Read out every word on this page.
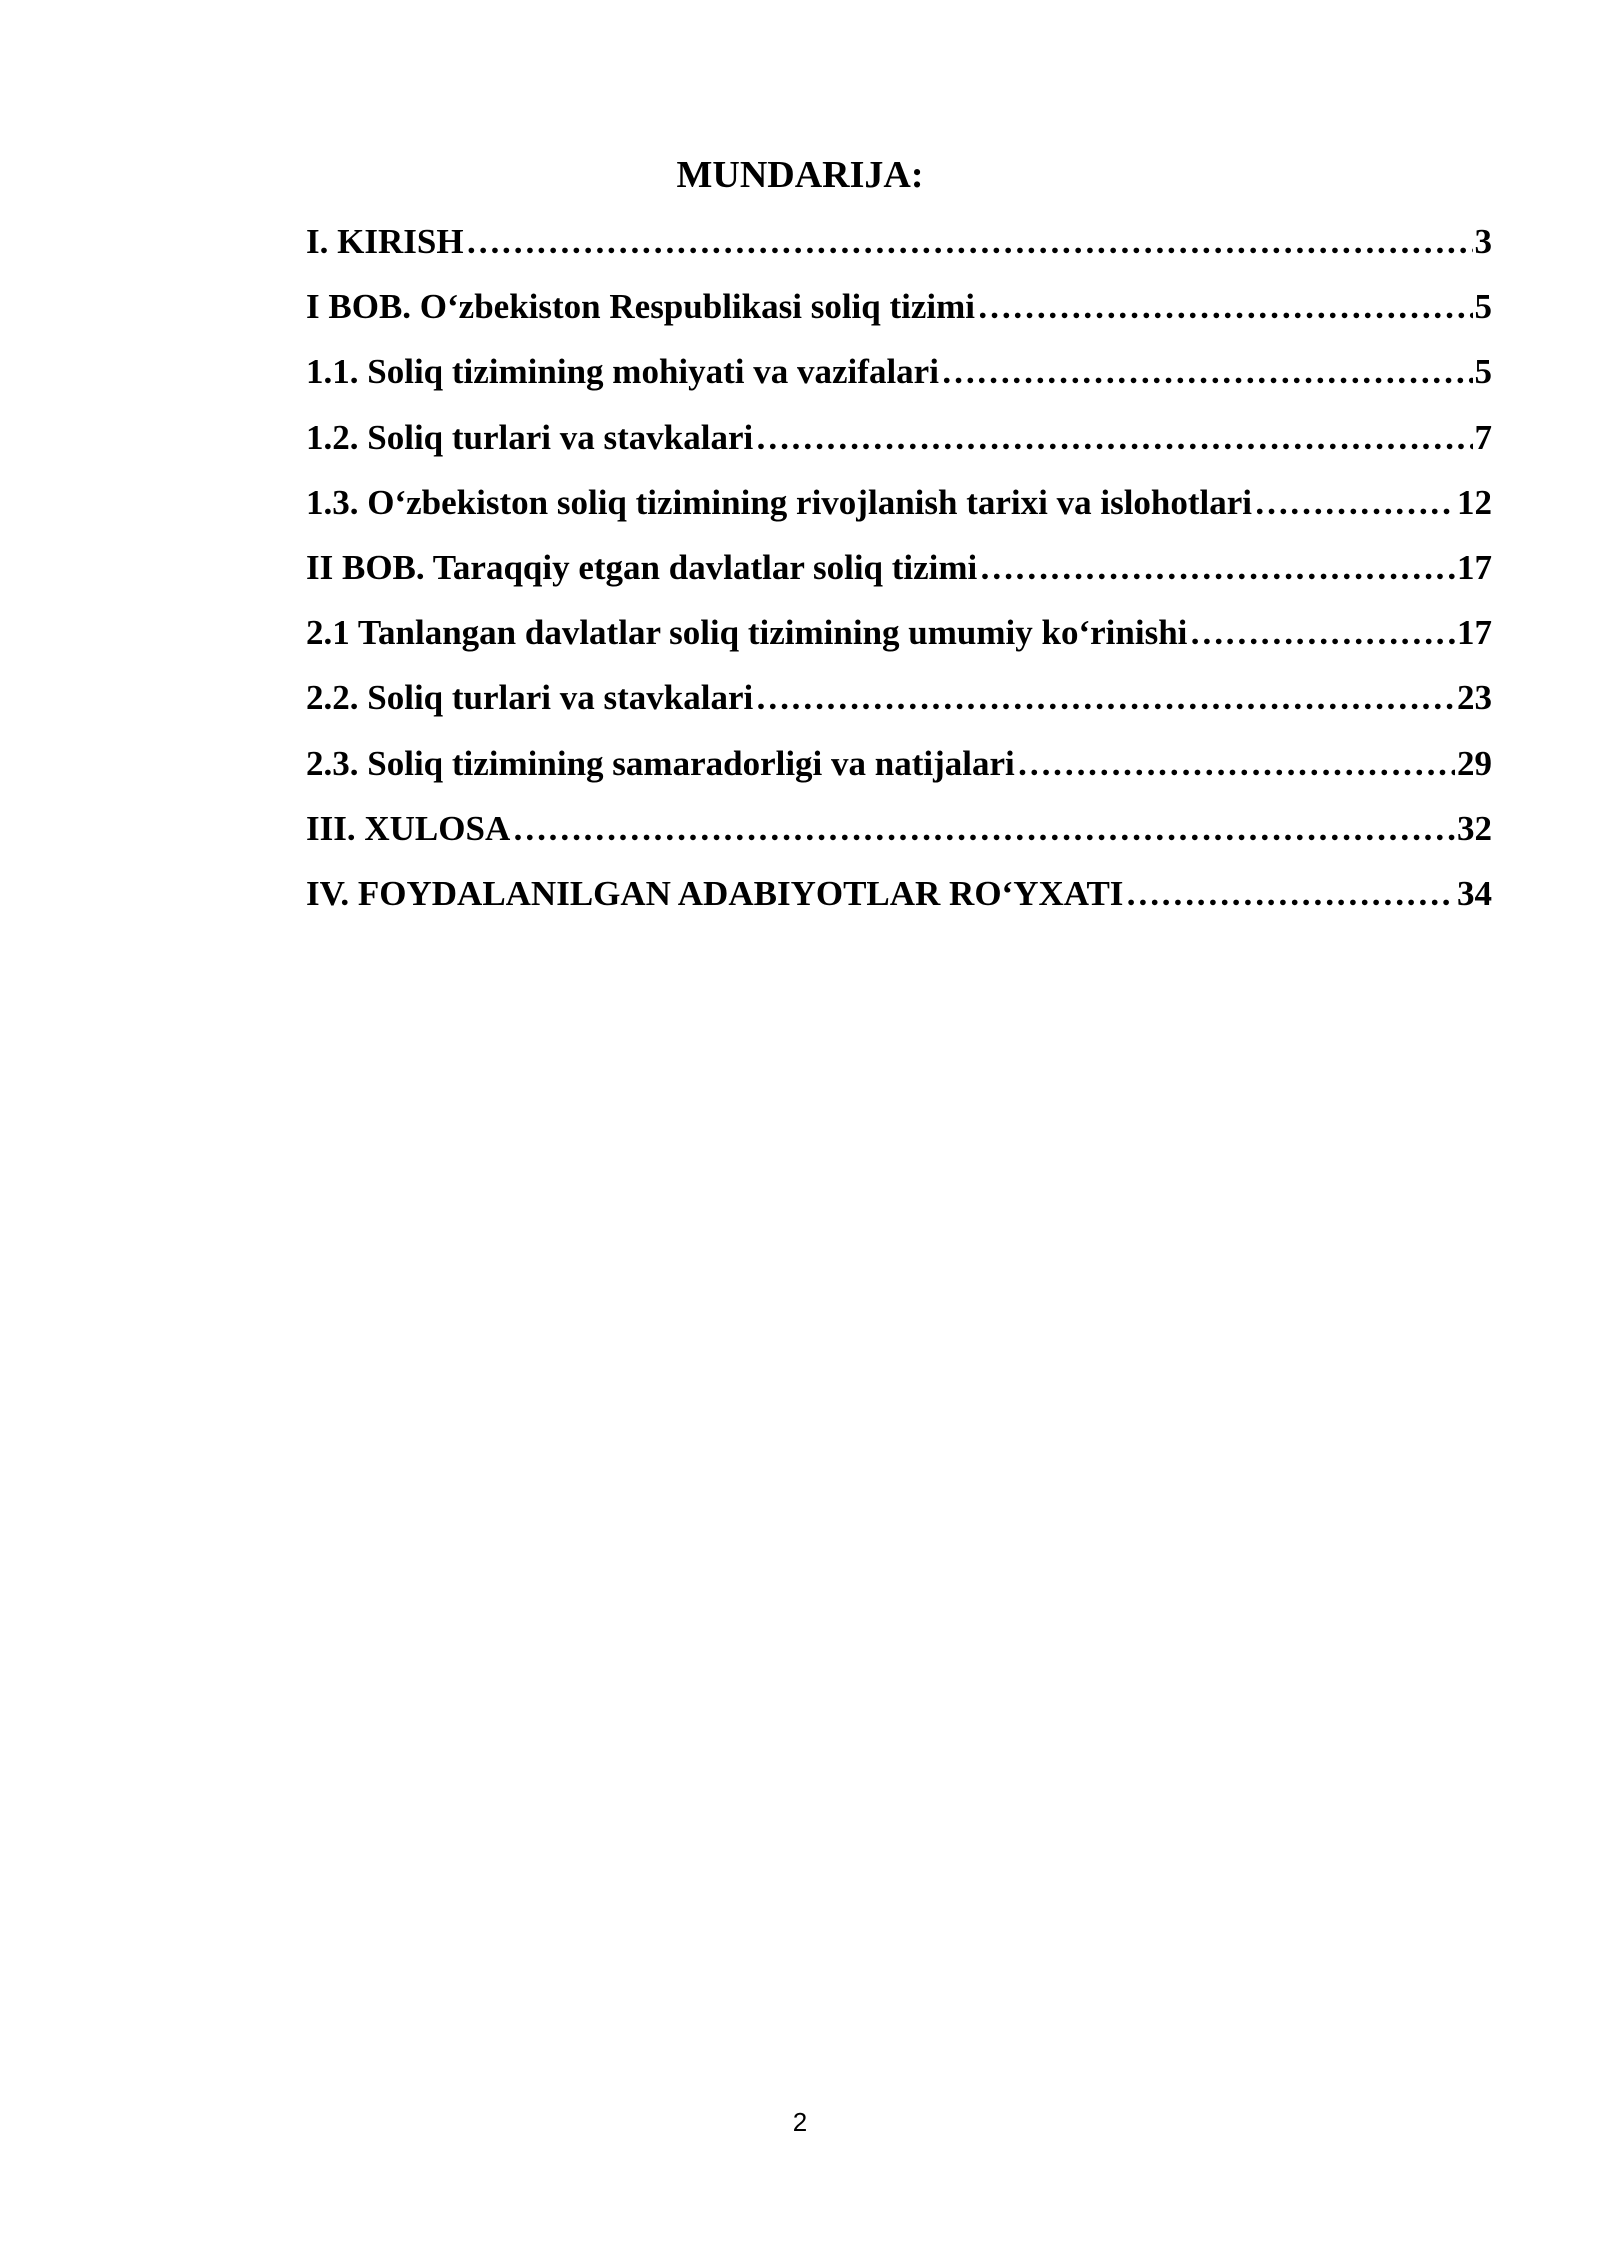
MUNDARIJA:
I. KIRISH …………………………………………………………………………………………………………………………………………………………………………	3
I BOB. O‘zbekiston Respublikasi soliq tizimi …………………………………………………………………………………………………………………………………………………………………………	5
1.1. Soliq tizimining mohiyati va vazifalari …………………………………………………………………………………………………………………………………………………………………………	5
1.2. Soliq turlari va stavkalari …………………………………………………………………………………………………………………………………………………………………………	7
1.3. O‘zbekiston soliq tizimining rivojlanish tarixi va islohotlari …………………………………………………………………………………………………………………………………………………………………………	12
II BOB. Taraqqiy etgan davlatlar soliq tizimi …………………………………………………………………………………………………………………………………………………………………………	17
2.1 Tanlangan davlatlar soliq tizimining umumiy ko‘rinishi …………………………………………………………………………………………………………………………………………………………………………	17
2.2. Soliq turlari va stavkalari …………………………………………………………………………………………………………………………………………………………………………	23
2.3. Soliq tizimining samaradorligi va natijalari …………………………………………………………………………………………………………………………………………………………………………	29
III. XULOSA …………………………………………………………………………………………………………………………………………………………………………	32
IV. FOYDALANILGAN ADABIYOTLAR RO‘YXATI …………………………………………………………………………………………………………………………………………………………………………	34
2
